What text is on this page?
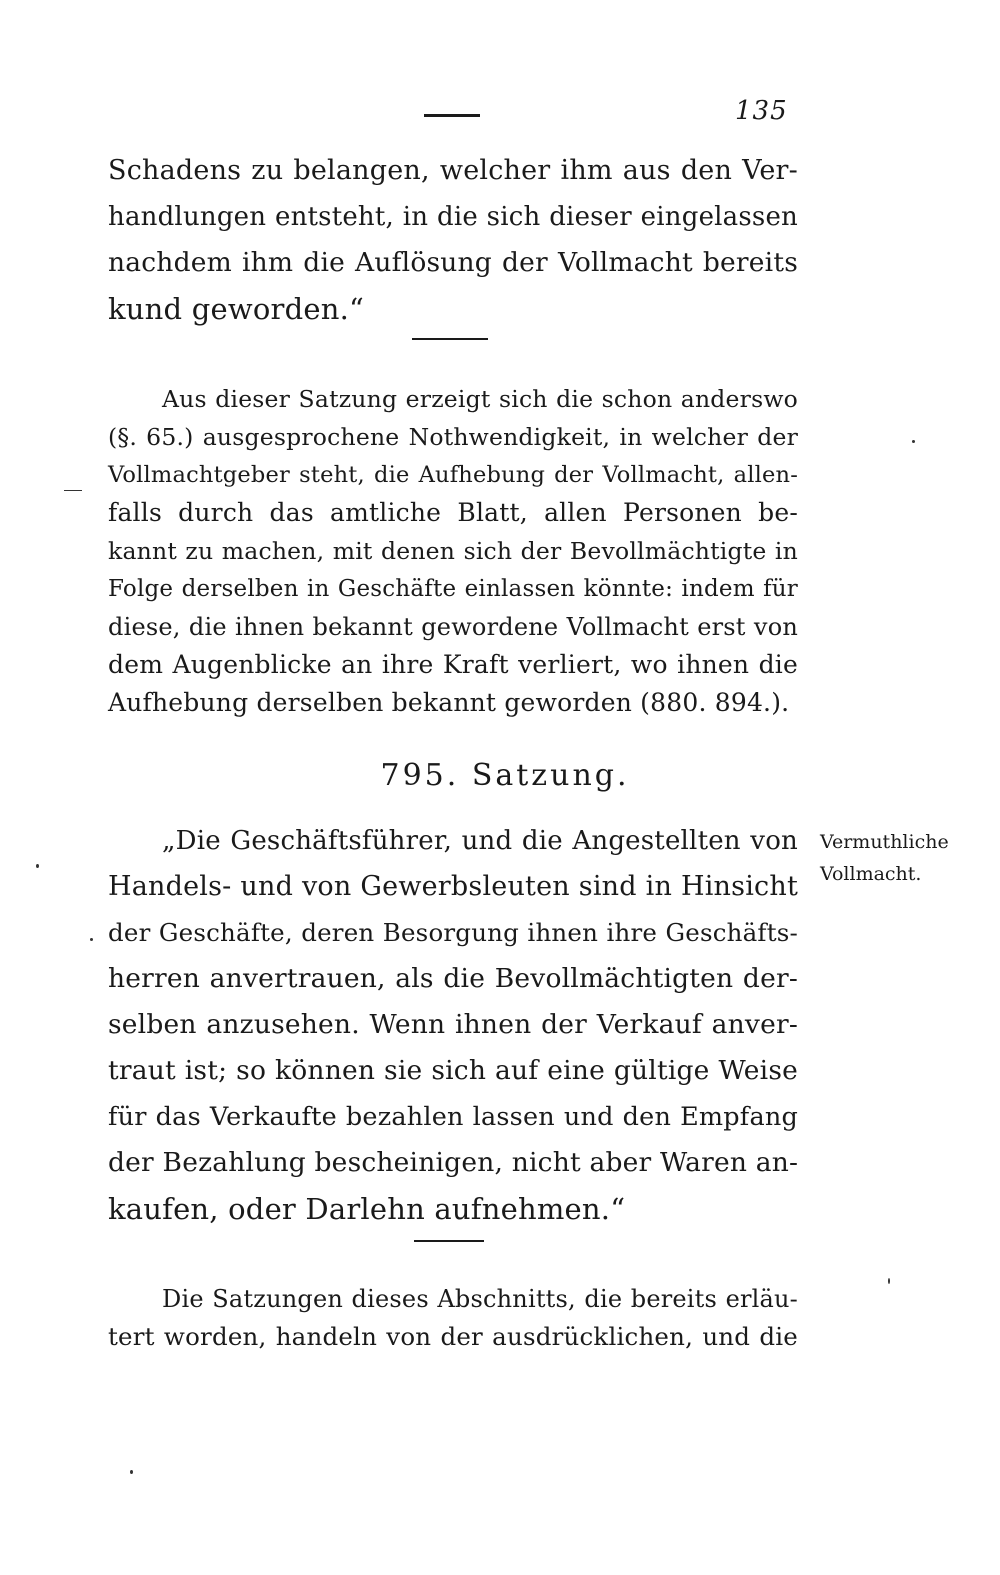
135
Schadens zu belangen, welcher ihm aus den Ver-
handlungen entsteht, in die sich dieser eingelassen
nachdem ihm die Auflösung der Vollmacht bereits
kund geworden.“
Aus dieser Satzung erzeigt sich die schon anderswo
(§. 65.) ausgesprochene Nothwendigkeit, in welcher der
Vollmachtgeber steht, die Aufhebung der Vollmacht, allen-
falls durch das amtliche Blatt, allen Personen be-
kannt zu machen, mit denen sich der Bevollmächtigte in
Folge derselben in Geschäfte einlassen könnte: indem für
diese, die ihnen bekannt gewordene Vollmacht erst von
dem Augenblicke an ihre Kraft verliert, wo ihnen die
Aufhebung derselben bekannt geworden (880. 894.).
795. Satzung.
„Die Geschäftsführer, und die Angestellten von
Handels- und von Gewerbsleuten sind in Hinsicht
der Geschäfte, deren Besorgung ihnen ihre Geschäfts-
herren anvertrauen, als die Bevollmächtigten der-
selben anzusehen. Wenn ihnen der Verkauf anver-
traut ist; so können sie sich auf eine gültige Weise
für das Verkaufte bezahlen lassen und den Empfang
der Bezahlung bescheinigen, nicht aber Waren an-
kaufen, oder Darlehn aufnehmen.“
Vermuthliche
Vollmacht.
Die Satzungen dieses Abschnitts, die bereits erläu-
tert worden, handeln von der ausdrücklichen, und die
